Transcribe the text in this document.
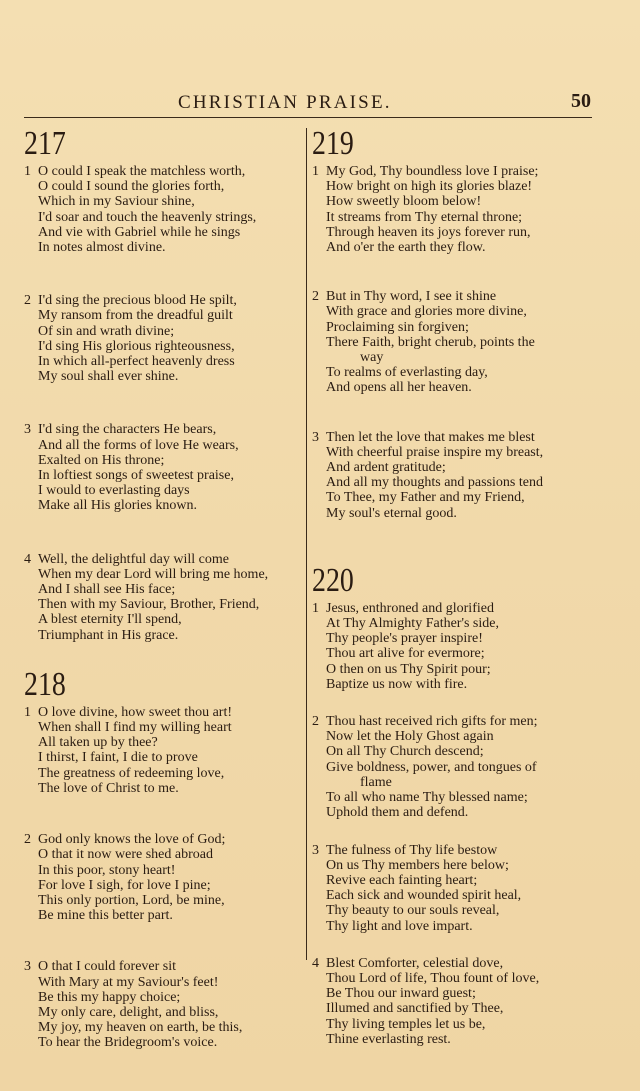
CHRISTIAN PRAISE.	50
217
1 O could I speak the matchless worth,
O could I sound the glories forth,
Which in my Saviour shine,
I'd soar and touch the heavenly strings,
And vie with Gabriel while he sings
In notes almost divine.
2 I'd sing the precious blood He spilt,
My ransom from the dreadful guilt
Of sin and wrath divine;
I'd sing His glorious righteousness,
In which all-perfect heavenly dress
My soul shall ever shine.
3 I'd sing the characters He bears,
And all the forms of love He wears,
Exalted on His throne;
In loftiest songs of sweetest praise,
I would to everlasting days
Make all His glories known.
4 Well, the delightful day will come
When my dear Lord will bring me home,
And I shall see His face;
Then with my Saviour, Brother, Friend,
A blest eternity I'll spend,
Triumphant in His grace.
218
1 O love divine, how sweet thou art!
When shall I find my willing heart
All taken up by thee?
I thirst, I faint, I die to prove
The greatness of redeeming love,
The love of Christ to me.
2 God only knows the love of God;
O that it now were shed abroad
In this poor, stony heart!
For love I sigh, for love I pine;
This only portion, Lord, be mine,
Be mine this better part.
3 O that I could forever sit
With Mary at my Saviour's feet!
Be this my happy choice;
My only care, delight, and bliss,
My joy, my heaven on earth, be this,
To hear the Bridegroom's voice.
219
1 My God, Thy boundless love I praise;
How bright on high its glories blaze!
How sweetly bloom below!
It streams from Thy eternal throne;
Through heaven its joys forever run,
And o'er the earth they flow.
2 But in Thy word, I see it shine
With grace and glories more divine,
Proclaiming sin forgiven;
There Faith, bright cherub, points the
way
To realms of everlasting day,
And opens all her heaven.
3 Then let the love that makes me blest
With cheerful praise inspire my breast,
And ardent gratitude;
And all my thoughts and passions tend
To Thee, my Father and my Friend,
My soul's eternal good.
220
1 Jesus, enthroned and glorified
At Thy Almighty Father's side,
Thy people's prayer inspire!
Thou art alive for evermore;
O then on us Thy Spirit pour;
Baptize us now with fire.
2 Thou hast received rich gifts for men;
Now let the Holy Ghost again
On all Thy Church descend;
Give boldness, power, and tongues of
flame
To all who name Thy blessed name;
Uphold them and defend.
3 The fulness of Thy life bestow
On us Thy members here below;
Revive each fainting heart;
Each sick and wounded spirit heal,
Thy beauty to our souls reveal,
Thy light and love impart.
4 Blest Comforter, celestial dove,
Thou Lord of life, Thou fount of love,
Be Thou our inward guest;
Illumed and sanctified by Thee,
Thy living temples let us be,
Thine everlasting rest.
